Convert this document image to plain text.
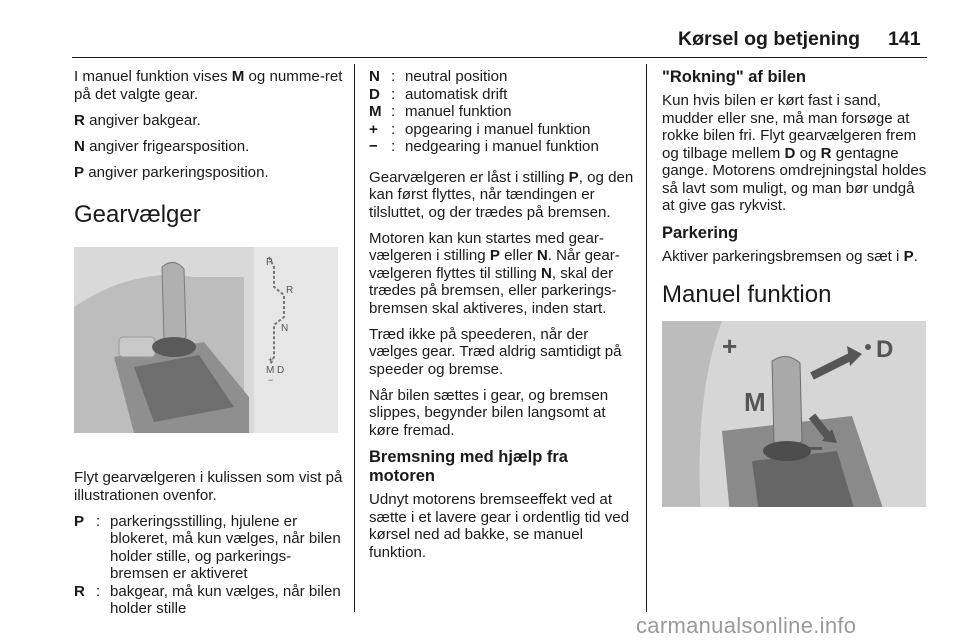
Kørsel og betjening 141

I manuel funktion vises M og numme-ret på det valgte gear.

R angiver bakgear.

N angiver frigearsposition.

P angiver parkeringsposition.

Gearvælger
P
R
N
+
M D
−

Flyt gearvælgeren i kulissen som vist på illustrationen ovenfor.

P : parkeringsstilling, hjulene er blokeret, må kun vælges, når bilen holder stille, og parkerings-bremsen er aktiveret
R : bakgear, må kun vælges, når bilen holder stille
N : neutral position
D : automatisk drift
M : manuel funktion
+ : opgearing i manuel funktion
− : nedgearing i manuel funktion

Gearvælgeren er låst i stilling P, og den kan først flyttes, når tændingen er tilsluttet, og der trædes på bremsen.

Motoren kan kun startes med gear-vælgeren i stilling P eller N. Når gear-vælgeren flyttes til stilling N, skal der trædes på bremsen, eller parkerings-bremsen skal aktiveres, inden start.

Træd ikke på speederen, når der vælges gear. Træd aldrig samtidigt på speeder og bremse.

Når bilen sættes i gear, og bremsen slippes, begynder bilen langsomt at køre fremad.

Bremsning med hjælp fra motoren

Udnyt motorens bremseeffekt ved at sætte i et lavere gear i ordentlig tid ved kørsel ned ad bakke, se manuel funktion.

"Rokning" af bilen

Kun hvis bilen er kørt fast i sand, mudder eller sne, må man forsøge at rokke bilen fri. Flyt gearvælgeren frem og tilbage mellem D og R gentagne gange. Motorens omdrejningstal holdes så lavt som muligt, og man bør undgå at give gas rykvist.

Parkering

Aktiver parkeringsbremsen og sæt i P.

Manuel funktion
D
M
+
−
carmanualsonline.info
